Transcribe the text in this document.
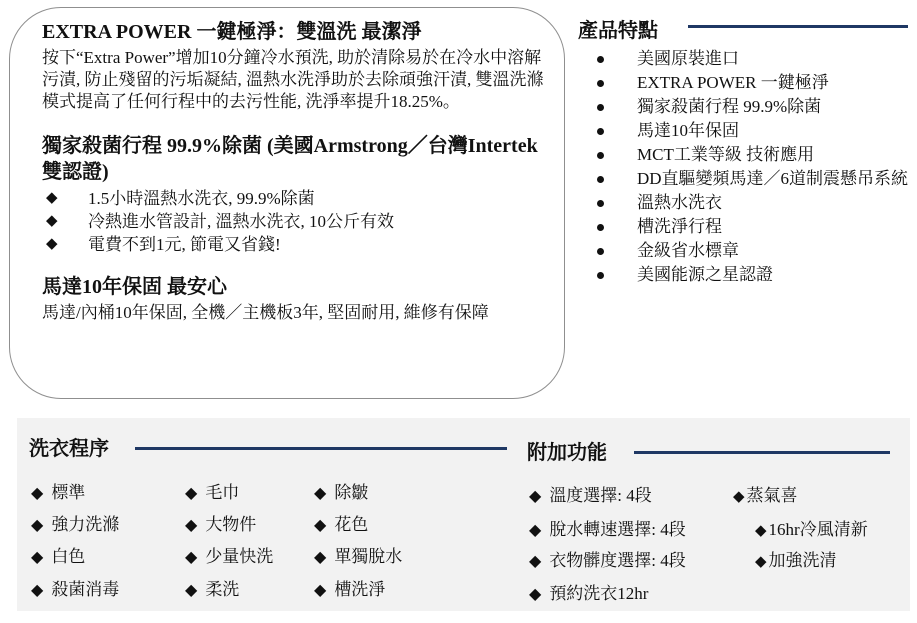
EXTRA POWER 一鍵極淨：雙溫洗 最潔淨

按下“Extra Power”增加10分鐘冷水預洗, 助於清除易於在冷水中溶解污漬, 防止殘留的污垢凝結, 溫熱水洗淨助於去除頑強汗漬, 雙溫洗滌模式提高了任何行程中的去污性能, 洗淨率提升18.25%。

獨家殺菌行程 99.9%除菌 (美國Armstrong／台灣Intertek 雙認證)

◆ 1.5小時溫熱水洗衣, 99.9%除菌
◆ 冷熱進水管設計, 溫熱水洗衣, 10公斤有效
◆ 電費不到1元, 節電又省錢!

馬達10年保固 最安心

馬達/內桶10年保固, 全機／主機板3年, 堅固耐用, 維修有保障

產品特點
美國原裝進口
EXTRA POWER 一鍵極淨
獨家殺菌行程 99.9%除菌
馬達10年保固
MCT工業等級 技術應用
DD直驅變頻馬達／6道制震懸吊系統
溫熱水洗衣
槽洗淨行程
金級省水標章
美國能源之星認證
洗衣程序	附加功能
◆ 標準
◆ 強力洗滌
◆ 白色
◆ 殺菌消毒
◆ 毛巾
◆ 大物件
◆ 少量快洗
◆ 柔洗
◆ 除皺
◆ 花色
◆ 單獨脫水
◆ 槽洗淨
◆ 溫度選擇: 4段
◆ 脫水轉速選擇: 4段
◆ 衣物髒度選擇: 4段
◆ 預約洗衣12hr
◆ 蒸氣喜
◆ 16hr冷風清新
◆ 加強洗清
